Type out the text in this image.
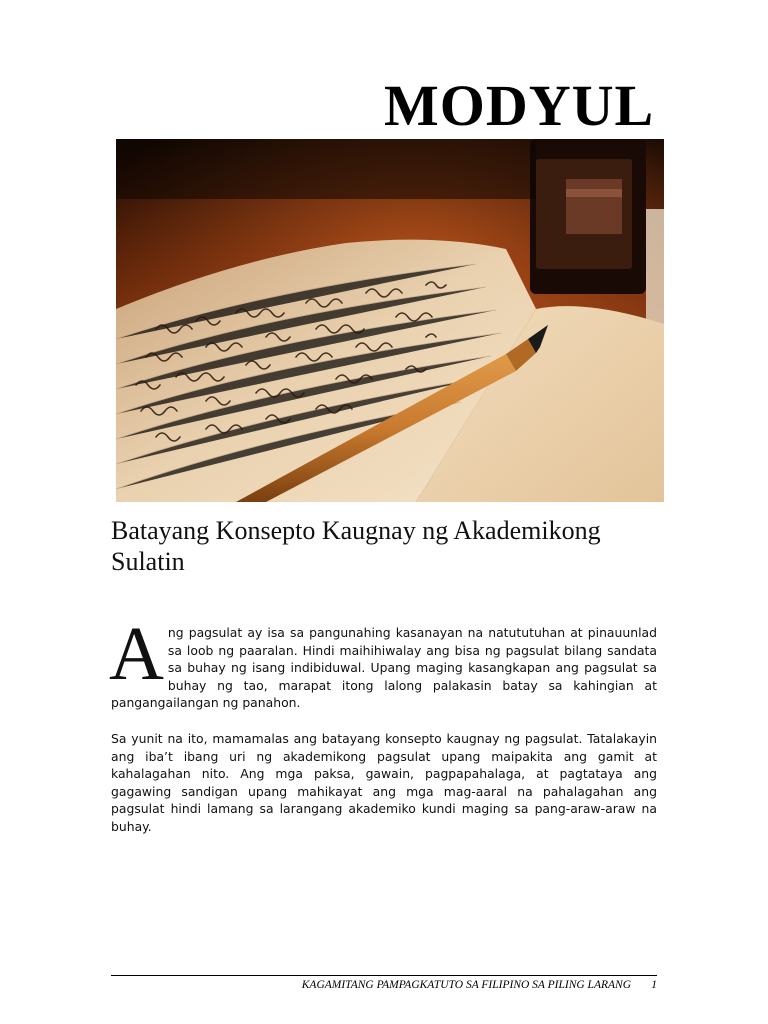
MODYUL
Batayang Konsepto Kaugnay ng Akademikong Sulatin
Ang pagsulat ay isa sa pangunahing kasanayan na natututuhan at pinauunlad sa loob ng paaralan. Hindi maihihiwalay ang bisa ng pagsulat bilang sandata sa buhay ng isang indibiduwal. Upang maging kasangkapan ang pagsulat sa buhay ng tao, marapat itong lalong palakasin batay sa kahingian at pangangailangan ng panahon.
Sa yunit na ito, mamamalas ang batayang konsepto kaugnay ng pagsulat. Tatalakayin ang iba’t ibang uri ng akademikong pagsulat upang maipakita ang gamit at kahalagahan nito. Ang mga paksa, gawain, pagpapahalaga, at pagtataya ang gagawing sandigan upang mahikayat ang mga mag-aaral na pahalagahan ang pagsulat hindi lamang sa larangang akademiko kundi maging sa pang-araw-araw na buhay.
KAGAMITANG PAMPAGKATUTO SA FILIPINO SA PILING LARANG 1
